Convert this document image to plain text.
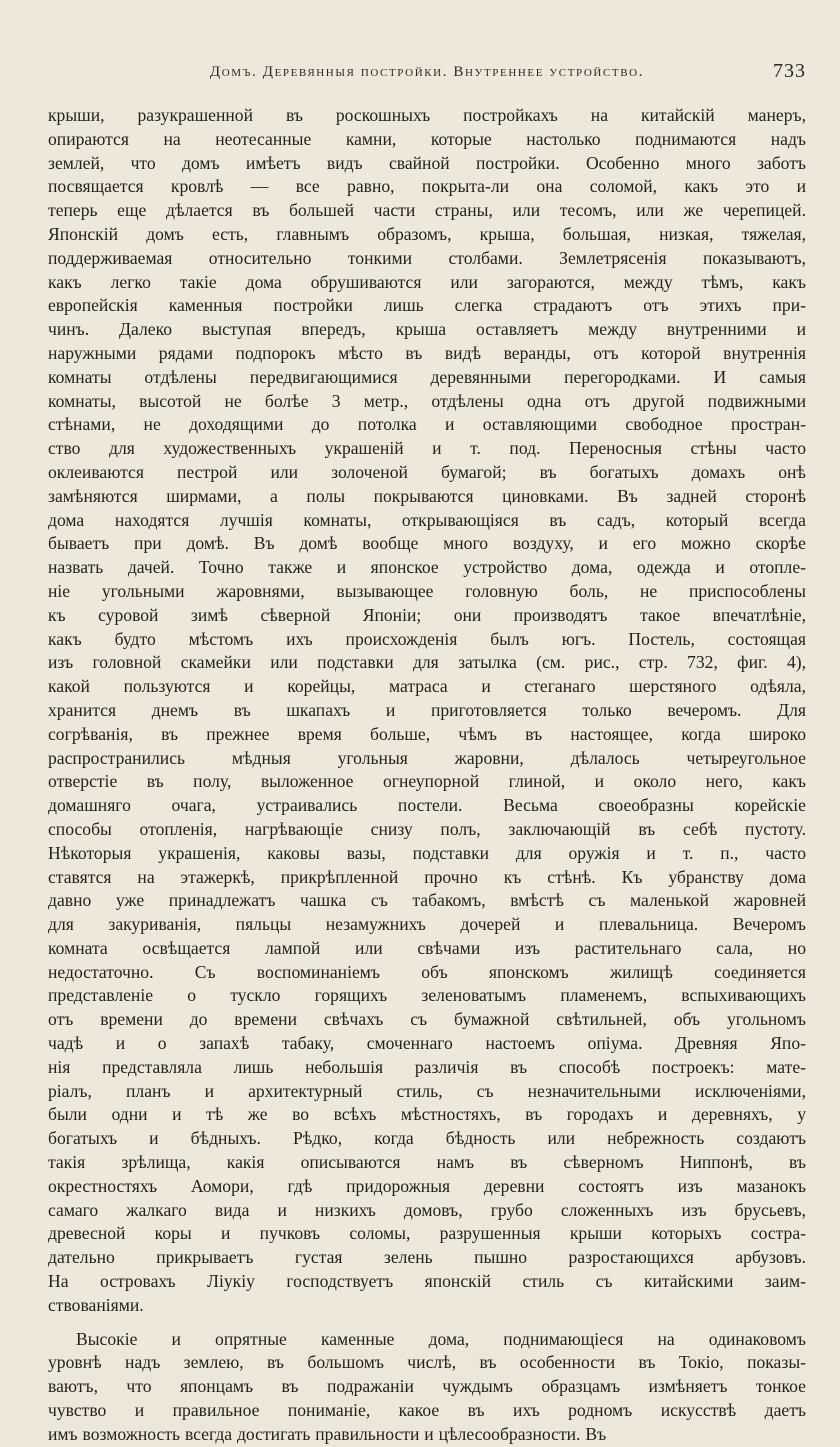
Домъ. Деревянныя постройки. Внутреннее устройство.	733
крыши, разукрашенной въ роскошныхъ постройкахъ на китайскій манеръ,
опираются на неотесанные камни, которые настолько поднимаются надъ
землей, что домъ имѣетъ видъ свайной постройки. Особенно много заботъ
посвящается кровлѣ — все равно, покрыта-ли она соломой, какъ это и
теперь еще дѣлается въ большей части страны, или тесомъ, или же черепицей.
Японскій домъ есть, главнымъ образомъ, крыша, большая, низкая, тяжелая,
поддерживаемая относительно тонкими столбами. Землетрясенія показываютъ,
какъ легко такіе дома обрушиваются или загораются, между тѣмъ, какъ
европейскія каменныя постройки лишь слегка страдаютъ отъ этихъ при-
чинъ. Далеко выступая впередъ, крыша оставляетъ между внутренними и
наружными рядами подпорокъ мѣсто въ видѣ веранды, отъ которой внутреннія
комнаты отдѣлены передвигающимися деревянными перегородками. И самыя
комнаты, высотой не болѣе 3 метр., отдѣлены одна отъ другой подвижными
стѣнами, не доходящими до потолка и оставляющими свободное простран-
ство для художественныхъ украшеній и т. под. Переносныя стѣны часто
оклеиваются пестрой или золоченой бумагой; въ богатыхъ домахъ онѣ
замѣняются ширмами, а полы покрываются циновками. Въ задней сторонѣ
дома находятся лучшія комнаты, открывающіяся въ садъ, который всегда
бываетъ при домѣ. Въ домѣ вообще много воздуху, и его можно скорѣе
назвать дачей. Точно также и японское устройство дома, одежда и отопле-
ніе угольными жаровнями, вызывающее головную боль, не приспособлены
къ суровой зимѣ сѣверной Японіи; они производятъ такое впечатлѣніе,
какъ будто мѣстомъ ихъ происхожденія былъ югъ. Постель, состоящая
изъ головной скамейки или подставки для затылка (см. рис., стр. 732, фиг. 4),
какой пользуются и корейцы, матраса и стеганаго шерстяного одѣяла,
хранится днемъ въ шкапахъ и приготовляется только вечеромъ. Для
согрѣванія, въ прежнее время больше, чѣмъ въ настоящее, когда широко
распространились мѣдныя угольныя жаровни, дѣлалось четыреугольное
отверстіе въ полу, выложенное огнеупорной глиной, и около него, какъ
домашняго очага, устраивались постели. Весьма своеобразны корейскіе
способы отопленія, нагрѣвающіе снизу полъ, заключающій въ себѣ пустоту.
Нѣкоторыя украшенія, каковы вазы, подставки для оружія и т. п., часто
ставятся на этажеркѣ, прикрѣпленной прочно къ стѣнѣ. Къ убранству дома
давно уже принадлежатъ чашка съ табакомъ, вмѣстѣ съ маленькой жаровней
для закуриванія, пяльцы незамужнихъ дочерей и плевальница. Вечеромъ
комната освѣщается лампой или свѣчами изъ растительнаго сала, но
недостаточно. Съ воспоминаніемъ объ японскомъ жилищѣ соединяется
представленіе о тускло горящихъ зеленоватымъ пламенемъ, вспыхивающихъ
отъ времени до времени свѣчахъ съ бумажной свѣтильней, объ угольномъ
чадѣ и о запахѣ табаку, смоченнаго настоемъ опіума. Древняя Япо-
нія представляла лишь небольшія различія въ способѣ построекъ: мате-
ріалъ, планъ и архитектурный стиль, съ незначительными исключеніями,
были одни и тѣ же во всѣхъ мѣстностяхъ, въ городахъ и деревняхъ, у
богатыхъ и бѣдныхъ. Рѣдко, когда бѣдность или небрежность создаютъ
такія зрѣлища, какія описываются намъ въ сѣверномъ Ниппонѣ, въ
окрестностяхъ Аомори, гдѣ придорожныя деревни состоятъ изъ мазанокъ
самаго жалкаго вида и низкихъ домовъ, грубо сложенныхъ изъ брусьевъ,
древесной коры и пучковъ соломы, разрушенныя крыши которыхъ состра-
дательно прикрываетъ густая зелень пышно разростающихся арбузовъ.
На островахъ Ліукіу господствуетъ японскій стиль съ китайскими заим-
ствованіями.
Высокіе и опрятные каменные дома, поднимающіеся на одинаковомъ
уровнѣ надъ землею, въ большомъ числѣ, въ особенности въ Токіо, показы-
ваютъ, что японцамъ въ подражаніи чуждымъ образцамъ измѣняетъ тонкое
чувство и правильное пониманіе, какое въ ихъ родномъ искусствѣ даетъ
имъ возможность всегда достигать правильности и цѣлесообразности. Въ
